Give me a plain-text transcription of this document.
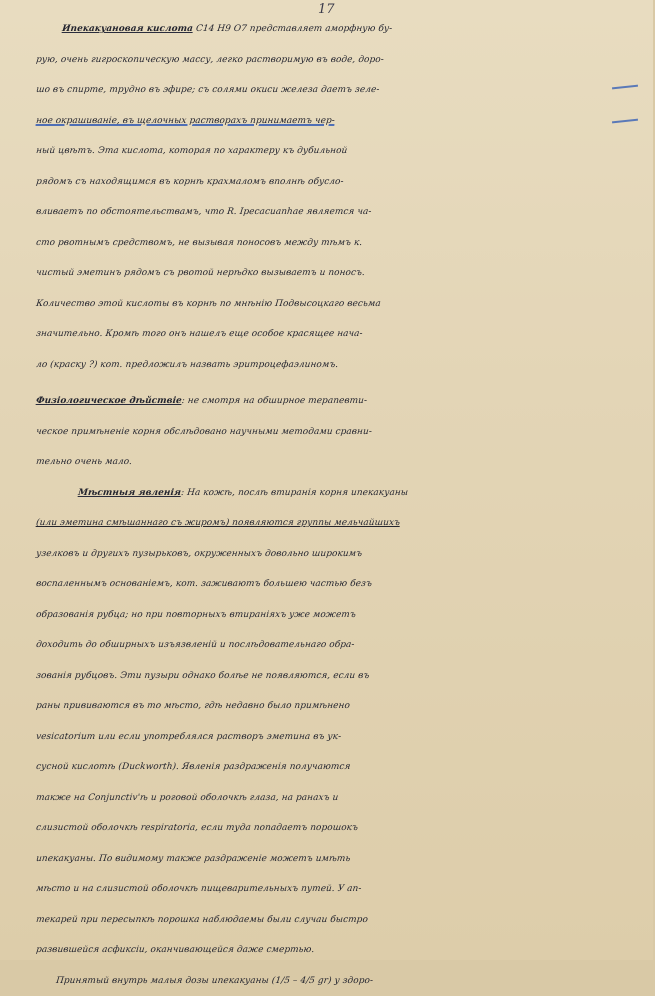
17
Ипекакуановая кислота C14 H9 O7 представляет аморфную бу-
рую, очень гигроскопическую массу, легко растворимую въ воде, доро-
шо въ спирте, трудно въ эфире; съ солями окиси железа даетъ зеле-
ное окрашиваніе, въ щелочных растворахъ принимаетъ чер-
ный цвѣтъ. Эта кислота, которая по характеру къ дубильной
рядомъ съ находящимся въ корнѣ крахмаломъ вполнѣ обусло-
вливаетъ по обстоятельствамъ, что R. Ipecacuanhae является ча-
сто рвотнымъ средствомъ, не вызывая поносовъ между тѣмъ к.
чистый эметинъ рядомъ съ рвотой нерѣдко вызываетъ и поносъ.
Количество этой кислоты въ корнѣ по мнѣнію Подвысоцкаго весьма
значительно. Кромѣ того онъ нашелъ еще особое красящее нача-
ло (краску ?) кот. предложилъ назвать эритроцефаэлиномъ.
Физіологическое дѣйствіе: не смотря на обширное терапевти-
ческое примѣненіе корня обслѣдовано научными методами сравни-
тельно очень мало.
Мѣстныя явленія: На кожѣ, послѣ втиранія корня ипекакуаны
(или эметина смѣшаннаго съ жиромъ) появляются группы мельчайшихъ
узелковъ и другихъ пузырьковъ, окруженныхъ довольно широкимъ
воспаленнымъ основаніемъ, кот. заживаютъ большею частью безъ
образованія рубца; но при повторныхъ втираніяхъ уже можетъ
доходить до обширныхъ изъязвленій и послѣдовательнаго обра-
зованія рубцовъ. Эти пузыри однако болѣе не появляются, если въ
раны прививаются въ то мѣсто, гдѣ недавно было примѣнено
vesicatorium или если употреблялся растворъ эметина въ ук-
сусной кислотѣ (Duckworth). Явленія раздраженія получаются
также на Conjunctiv'ѣ и роговой оболочкѣ глаза, на ранахъ и
слизистой оболочкѣ respiratoria, если туда попадаетъ порошокъ
ипекакуаны. По видимому также раздраженіе можетъ имѣть
мѣсто и на слизистой оболочкѣ пищеварительныхъ путей. У ап-
текарей при пересыпкѣ порошка наблюдаемы были случаи быстро
развившейся асфиксіи, оканчивающейся даже смертью.
Принятый внутрь малыя дозы ипекакуаны (1/5 – 4/5 gr) у здоро-
